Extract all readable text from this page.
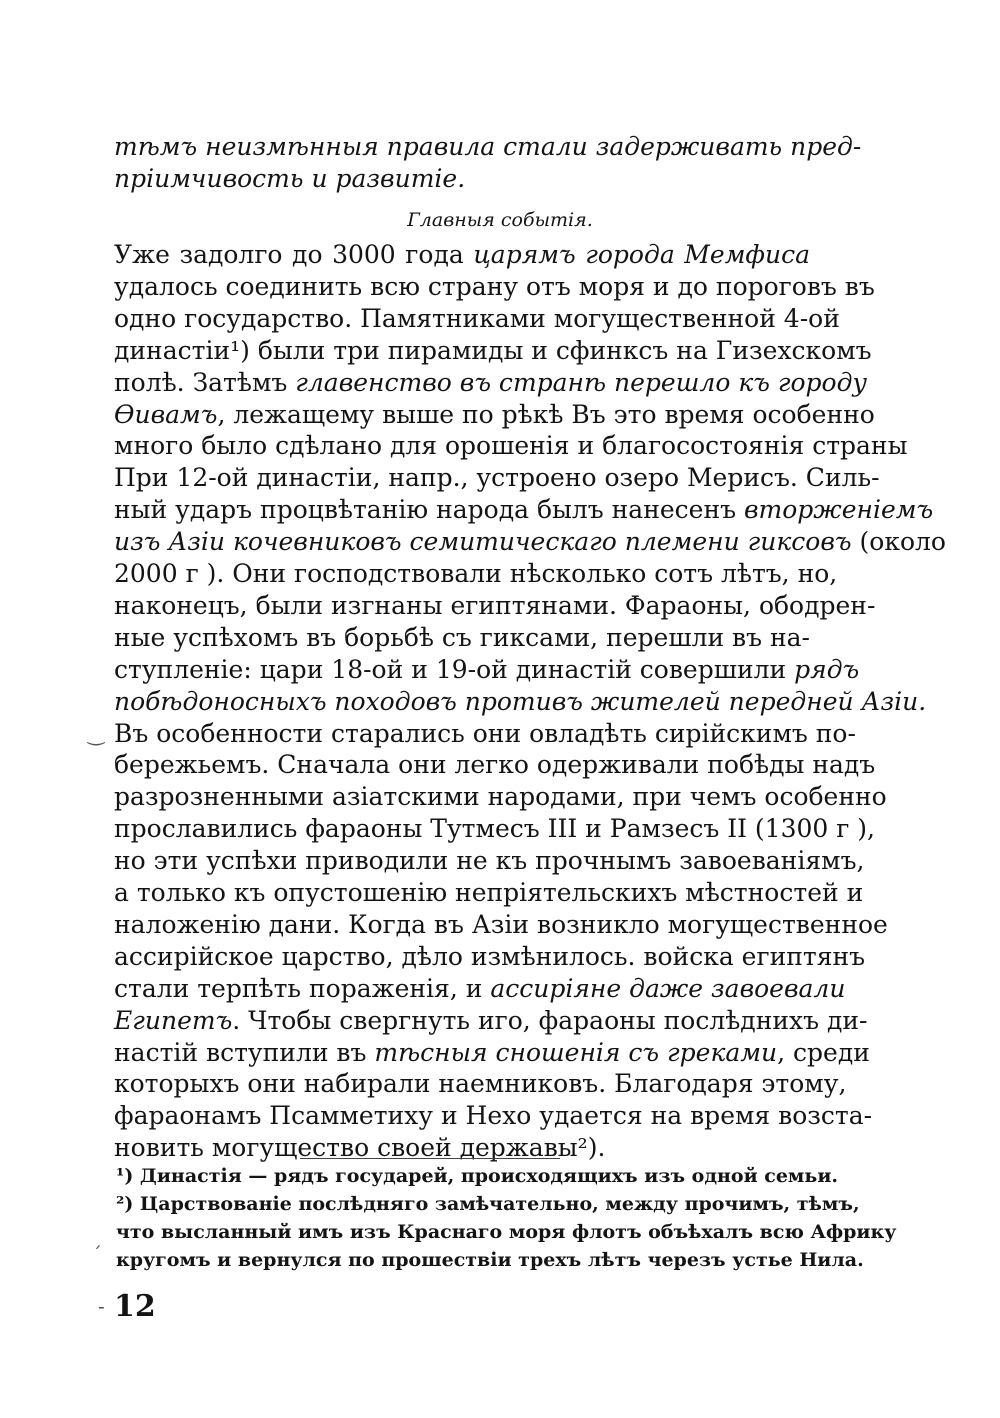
тѣмъ неизмѣнныя правила стали задерживать пред-
пріимчивость и развитіе.
Главныя событія.
Уже задолго до 3000 года царямъ города Мемфиса
удалось соединить всю страну отъ моря и до пороговъ въ
одно государство. Памятниками могущественной 4-ой
династіи¹) были три пирамиды и сфинксъ на Гизехскомъ
полѣ. Затѣмъ главенство въ странѣ перешло къ городу
Ѳивамъ, лежащему выше по рѣкѣ Въ это время особенно
много было сдѣлано для орошенія и благосостоянія страны
При 12-ой династіи, напр., устроено озеро Мерисъ. Силь-
ный ударъ процвѣтанію народа былъ нанесенъ вторженіемъ
изъ Азіи кочевниковъ семитическаго племени гиксовъ (около
2000 г ). Они господствовали нѣсколько сотъ лѣтъ, но,
наконецъ, были изгнаны египтянами. Фараоны, ободрен-
ные успѣхомъ въ борьбѣ съ гиксами, перешли въ на-
ступленіе: цари 18-ой и 19-ой династій совершили рядъ
побѣдоносныхъ походовъ противъ жителей передней Азіи.
Въ особенности старались они овладѣть сирійскимъ по-
бережьемъ. Сначала они легко одерживали побѣды надъ
разрозненными азіатскими народами, при чемъ особенно
прославились фараоны Тутмесъ III и Рамзесъ II (1300 г ),
но эти успѣхи приводили не къ прочнымъ завоеваніямъ,
а только къ опустошенію непріятельскихъ мѣстностей и
наложенію дани. Когда въ Азіи возникло могущественное
ассирійское царство, дѣло измѣнилось. войска египтянъ
стали терпѣть пораженія, и ассиріяне даже завоевали
Египетъ. Чтобы свергнуть иго, фараоны послѣднихъ ди-
настій вступили въ тѣсныя сношенія съ греками, среди
которыхъ они набирали наемниковъ. Благодаря этому,
фараонамъ Псамметиху и Нехо удается на время возста-
новить могущество своей державы²).
¹) Династія — рядъ государей, происходящихъ изъ одной семьи.
²) Царствованіе послѣдняго замѣчательно, между прочимъ, тѣмъ,
что высланный имъ изъ Краснаго моря флотъ объѣхалъ всю Африку
кругомъ и вернулся по прошествіи трехъ лѣтъ черезъ устье Нила.
12
‿
ˊ
-
